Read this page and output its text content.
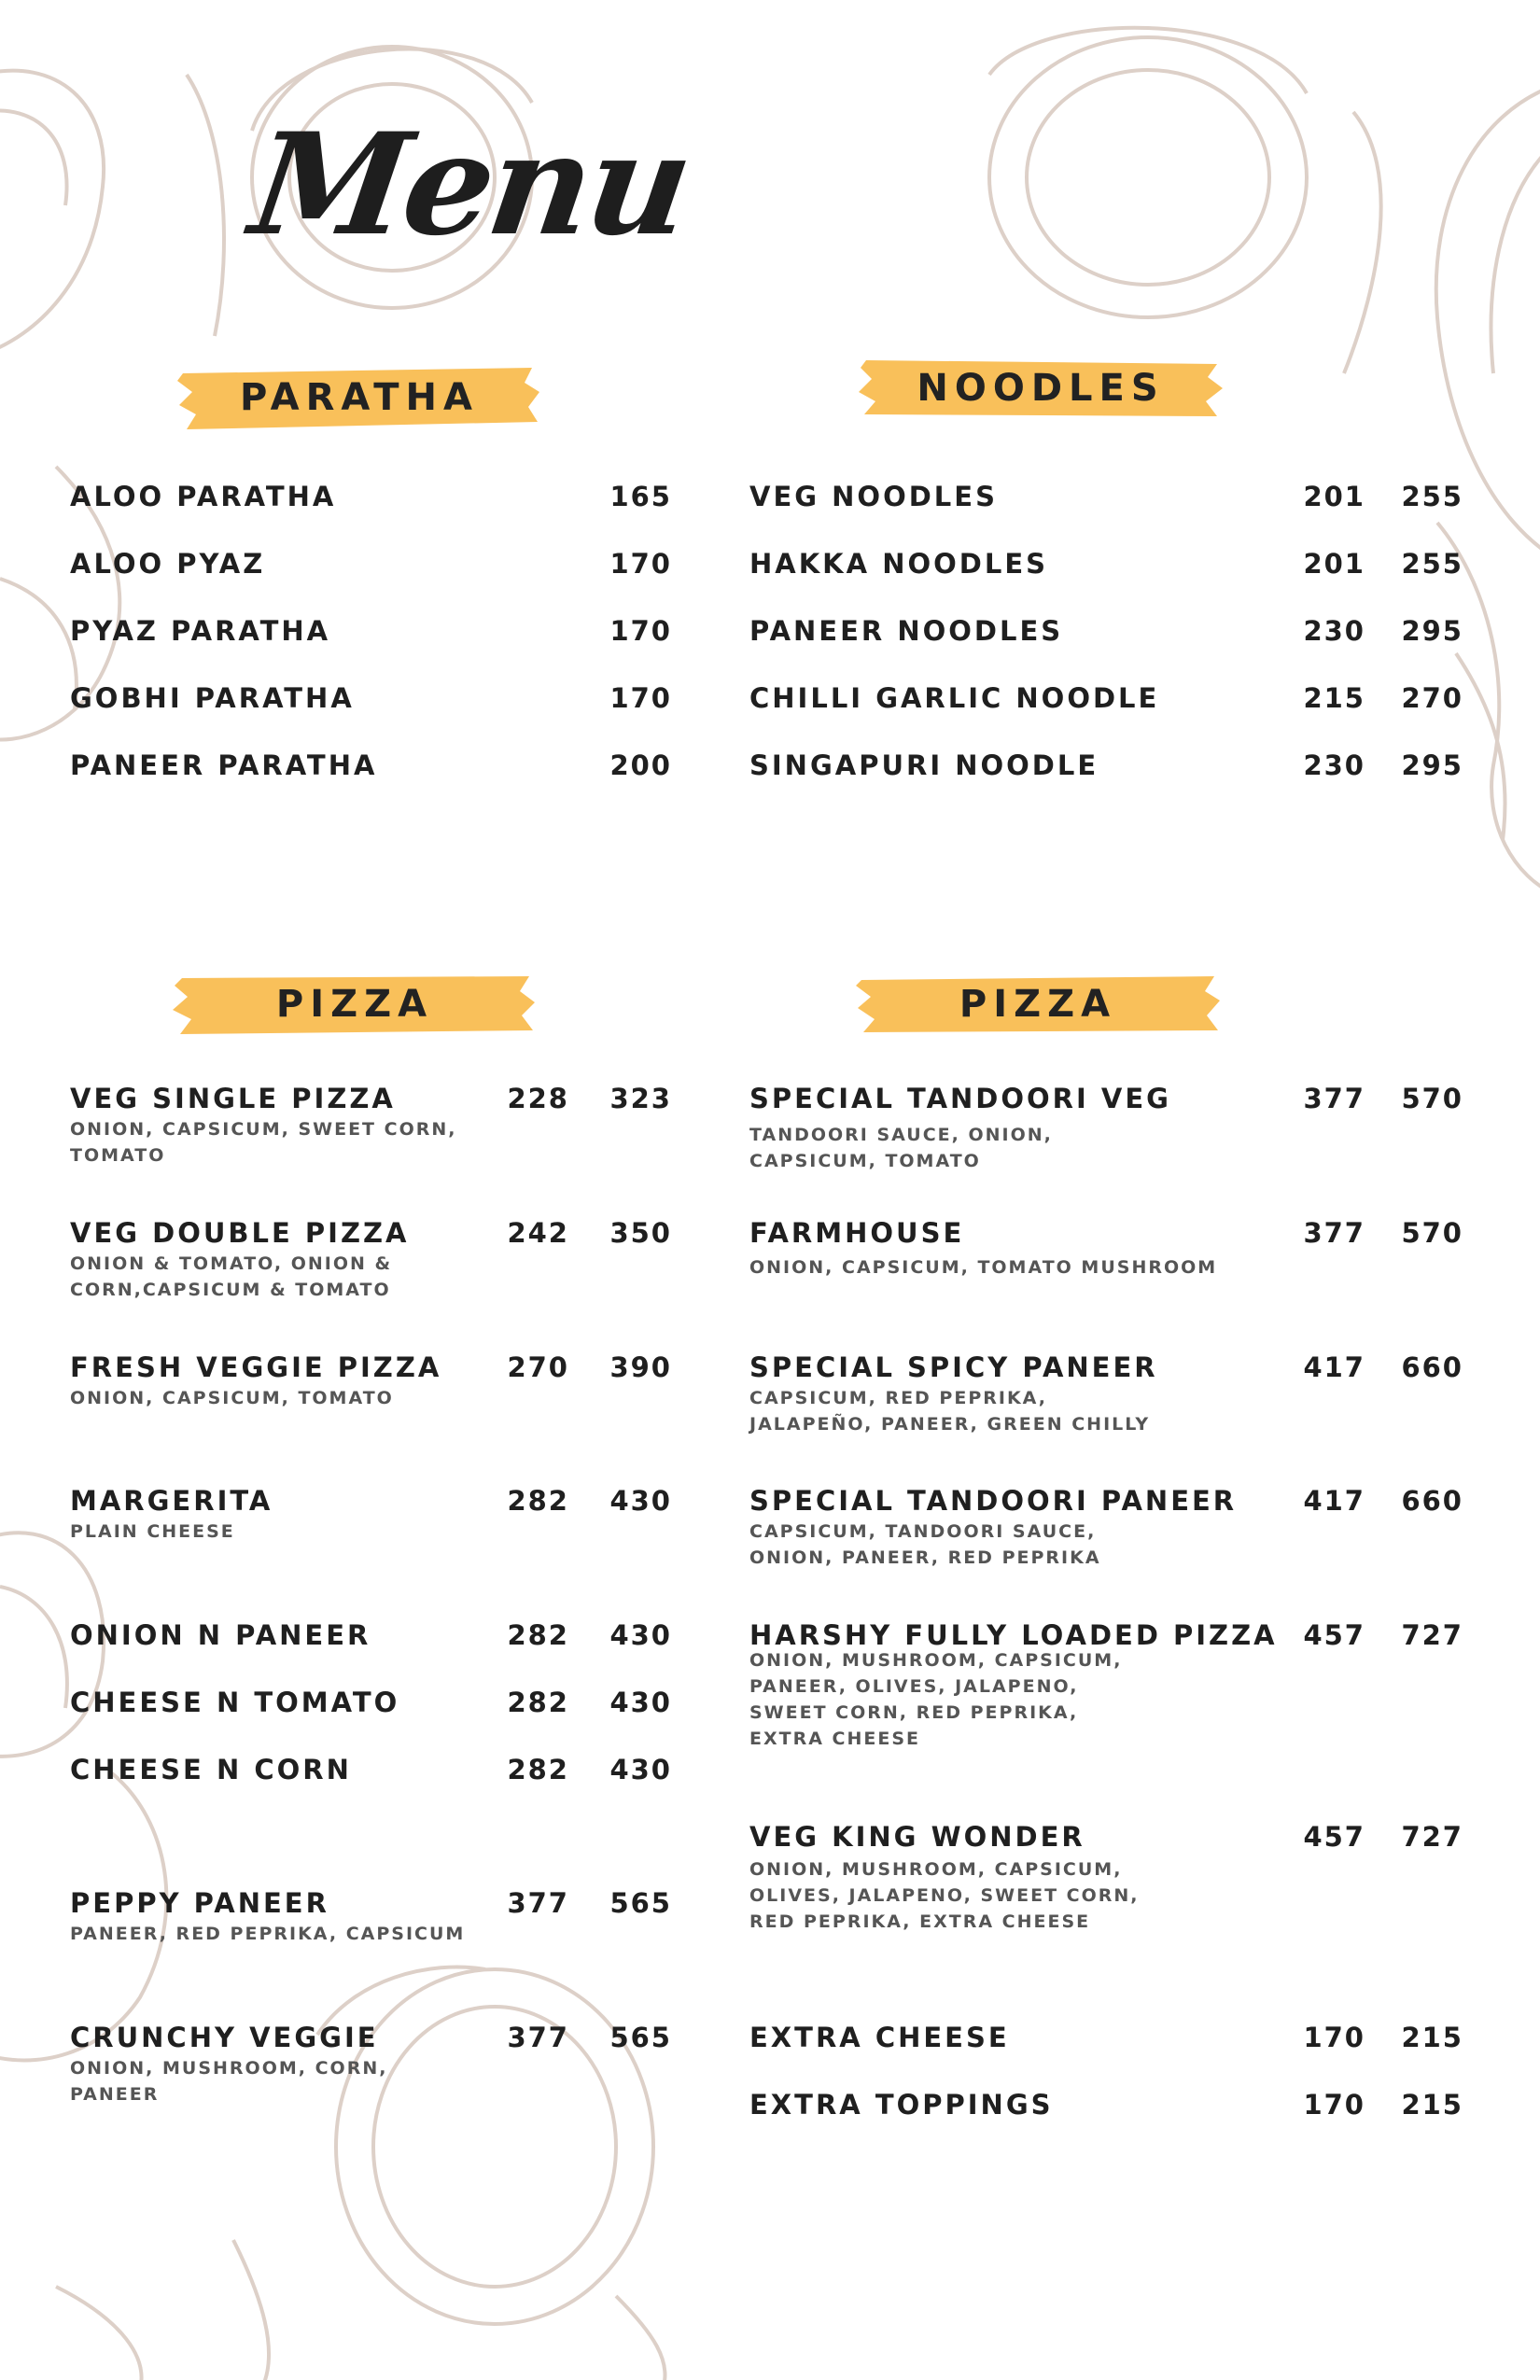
Menu
PARATHA
ALOO PARATHA	165
ALOO PYAZ	170
PYAZ PARATHA	170
GOBHI PARATHA	170
PANEER PARATHA	200
NOODLES
VEG NOODLES	201	255
HAKKA NOODLES	201	255
PANEER NOODLES	230	295
CHILLI GARLIC NOODLE	215	270
SINGAPURI NOODLE	230	295
PIZZA
VEG SINGLE PIZZA	228	323
ONION, CAPSICUM, SWEET CORN, TOMATO
VEG DOUBLE PIZZA	242	350
ONION & TOMATO, ONION & CORN,CAPSICUM & TOMATO
FRESH VEGGIE PIZZA	270	390
ONION, CAPSICUM, TOMATO
MARGERITA	282	430
PLAIN CHEESE
ONION N PANEER	282	430
CHEESE N TOMATO	282	430
CHEESE N CORN	282	430
PEPPY PANEER	377	565
PANEER, RED PEPRIKA, CAPSICUM
CRUNCHY VEGGIE	377	565
ONION, MUSHROOM, CORN, PANEER
PIZZA
SPECIAL TANDOORI VEG	377	570
TANDOORI SAUCE, ONION, CAPSICUM, TOMATO
FARMHOUSE	377	570
ONION, CAPSICUM, TOMATO MUSHROOM
SPECIAL SPICY PANEER	417	660
CAPSICUM, RED PEPRIKA, JALAPEÑO, PANEER, GREEN CHILLY
SPECIAL TANDOORI PANEER	417	660
CAPSICUM, TANDOORI SAUCE, ONION, PANEER, RED PEPRIKA
HARSHY FULLY LOADED PIZZA 457	727
ONION, MUSHROOM, CAPSICUM, PANEER, OLIVES, JALAPENO, SWEET CORN, RED PEPRIKA, EXTRA CHEESE
VEG KING WONDER	457	727
ONION, MUSHROOM, CAPSICUM, OLIVES, JALAPENO, SWEET CORN, RED PEPRIKA, EXTRA CHEESE
EXTRA CHEESE	170	215
EXTRA TOPPINGS	170	215
